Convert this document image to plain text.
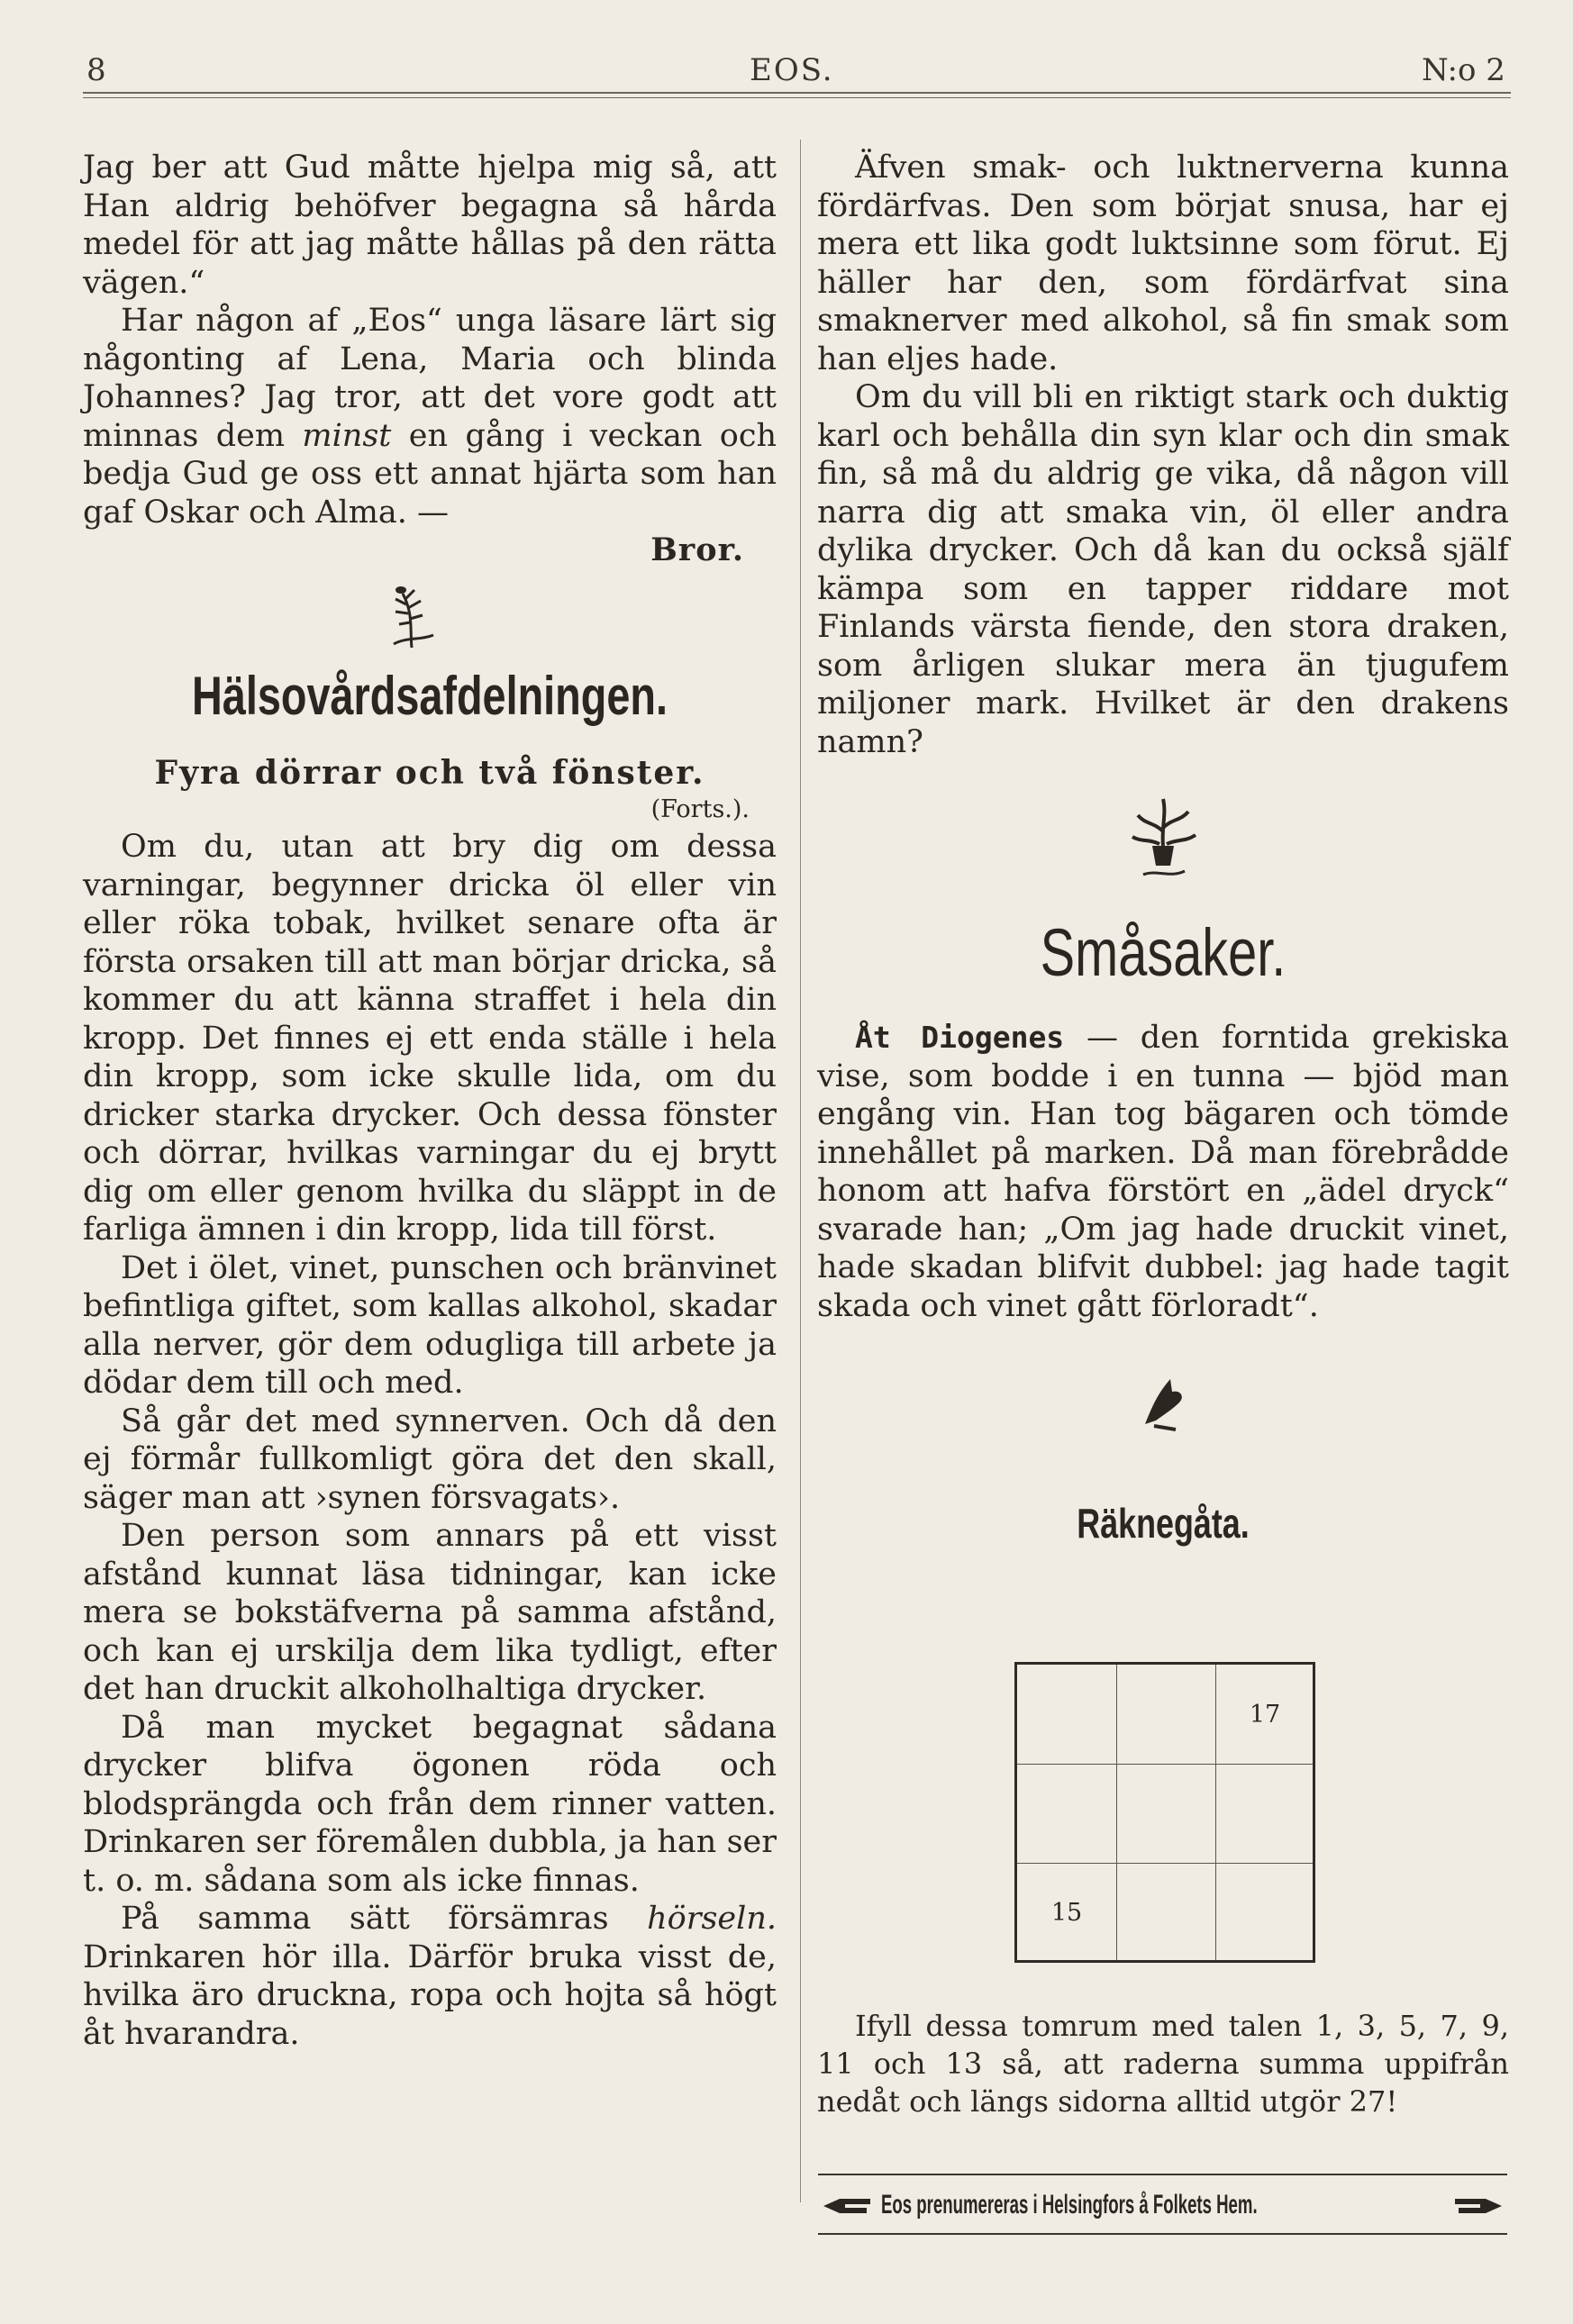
8	EOS.	N:o 2

Jag ber att Gud måtte hjelpa mig så, att Han aldrig behöfver begagna så hårda medel för att jag måtte hållas på den rätta vägen.“

Har någon af „Eos“ unga läsare lärt sig någonting af Lena, Maria och blinda Johannes? Jag tror, att det vore godt att minnas dem minst en gång i veckan och bedja Gud ge oss ett annat hjärta som han gaf Oskar och Alma. —

Bror.

Hälsovårdsafdelningen.
Fyra dörrar och två fönster.
(Forts.).

Om du, utan att bry dig om dessa varningar, begynner dricka öl eller vin eller röka tobak, hvilket senare ofta är första orsaken till att man börjar dricka, så kommer du att känna straffet i hela din kropp. Det finnes ej ett enda ställe i hela din kropp, som icke skulle lida, om du dricker starka drycker. Och dessa fönster och dörrar, hvilkas varningar du ej brytt dig om eller genom hvilka du släppt in de farliga ämnen i din kropp, lida till först.

Det i ölet, vinet, punschen och bränvinet befintliga giftet, som kallas alkohol, skadar alla nerver, gör dem odugliga till arbete ja dödar dem till och med.

Så går det med synnerven. Och då den ej förmår fullkomligt göra det den skall, säger man att ›synen försvagats›.

Den person som annars på ett visst afstånd kunnat läsa tidningar, kan icke mera se bokstäfverna på samma afstånd, och kan ej urskilja dem lika tydligt, efter det han druckit alkoholhaltiga drycker.

Då man mycket begagnat sådana drycker blifva ögonen röda och blodsprängda och från dem rinner vatten. Drinkaren ser föremålen dubbla, ja han ser t. o. m. sådana som als icke finnas.

På samma sätt försämras hörseln. Drinkaren hör illa. Därför bruka visst de, hvilka äro druckna, ropa och hojta så högt åt hvarandra.

Äfven smak- och luktnerverna kunna fördärfvas. Den som börjat snusa, har ej mera ett lika godt luktsinne som förut. Ej häller har den, som fördärfvat sina smaknerver med alkohol, så fin smak som han eljes hade.

Om du vill bli en riktigt stark och duktig karl och behålla din syn klar och din smak fin, så må du aldrig ge vika, då någon vill narra dig att smaka vin, öl eller andra dylika drycker. Och då kan du också själf kämpa som en tapper riddare mot Finlands värsta fiende, den stora draken, som årligen slukar mera än tjugufem miljoner mark. Hvilket är den drakens namn?

Småsaker.

Åt Diogenes — den forntida grekiska vise, som bodde i en tunna — bjöd man engång vin. Han tog bägaren och tömde innehållet på marken. Då man förebrådde honom att hafva förstört en „ädel dryck“ svarade han; „Om jag hade druckit vinet, hade skadan blifvit dubbel: jag hade tagit skada och vinet gått förloradt“.

Räknegåta.
17
15

Ifyll dessa tomrum med talen 1, 3, 5, 7, 9, 11 och 13 så, att raderna summa uppifrån nedåt och längs sidorna alltid utgör 27!

Eos prenumereras i Helsingfors å Folkets Hem.
